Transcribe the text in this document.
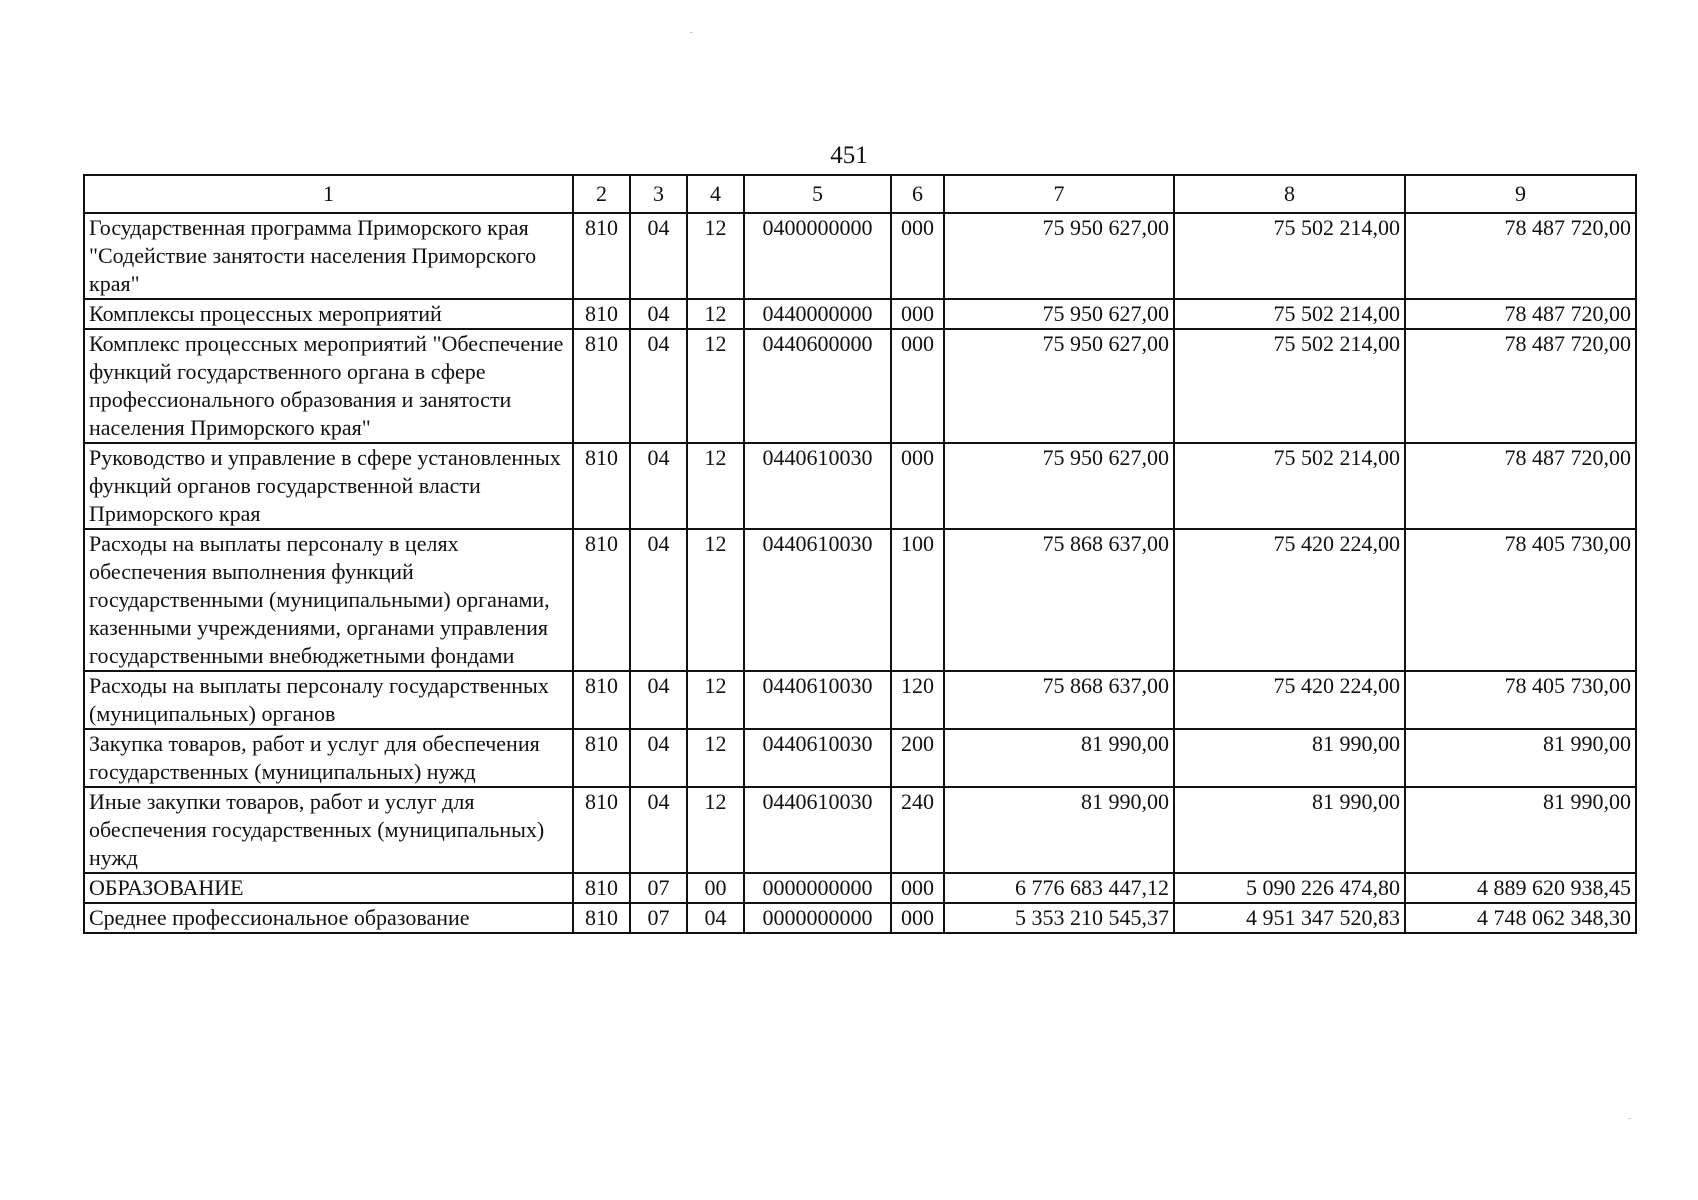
451
1	2	3	4	5	6	7	8	9
Государственная программа Приморского края "Содействие занятости населения Приморского края"	810	04	12	0400000000	000	75 950 627,00	75 502 214,00	78 487 720,00
Комплексы процессных мероприятий	810	04	12	0440000000	000	75 950 627,00	75 502 214,00	78 487 720,00
Комплекс процессных мероприятий "Обеспечение функций государственного органа в сфере профессионального образования и занятости населения Приморского края"	810	04	12	0440600000	000	75 950 627,00	75 502 214,00	78 487 720,00
Руководство и управление в сфере установленных функций органов государственной власти Приморского края	810	04	12	0440610030	000	75 950 627,00	75 502 214,00	78 487 720,00
Расходы на выплаты персоналу в целях обеспечения выполнения функций государственными (муниципальными) органами, казенными учреждениями, органами управления государственными внебюджетными фондами	810	04	12	0440610030	100	75 868 637,00	75 420 224,00	78 405 730,00
Расходы на выплаты персоналу государственных (муниципальных) органов	810	04	12	0440610030	120	75 868 637,00	75 420 224,00	78 405 730,00
Закупка товаров, работ и услуг для обеспечения государственных (муниципальных) нужд	810	04	12	0440610030	200	81 990,00	81 990,00	81 990,00
Иные закупки товаров, работ и услуг для обеспечения государственных (муниципальных) нужд	810	04	12	0440610030	240	81 990,00	81 990,00	81 990,00
ОБРАЗОВАНИЕ	810	07	00	0000000000	000	6 776 683 447,12	5 090 226 474,80	4 889 620 938,45
Среднее профессиональное образование	810	07	04	0000000000	000	5 353 210 545,37	4 951 347 520,83	4 748 062 348,30
